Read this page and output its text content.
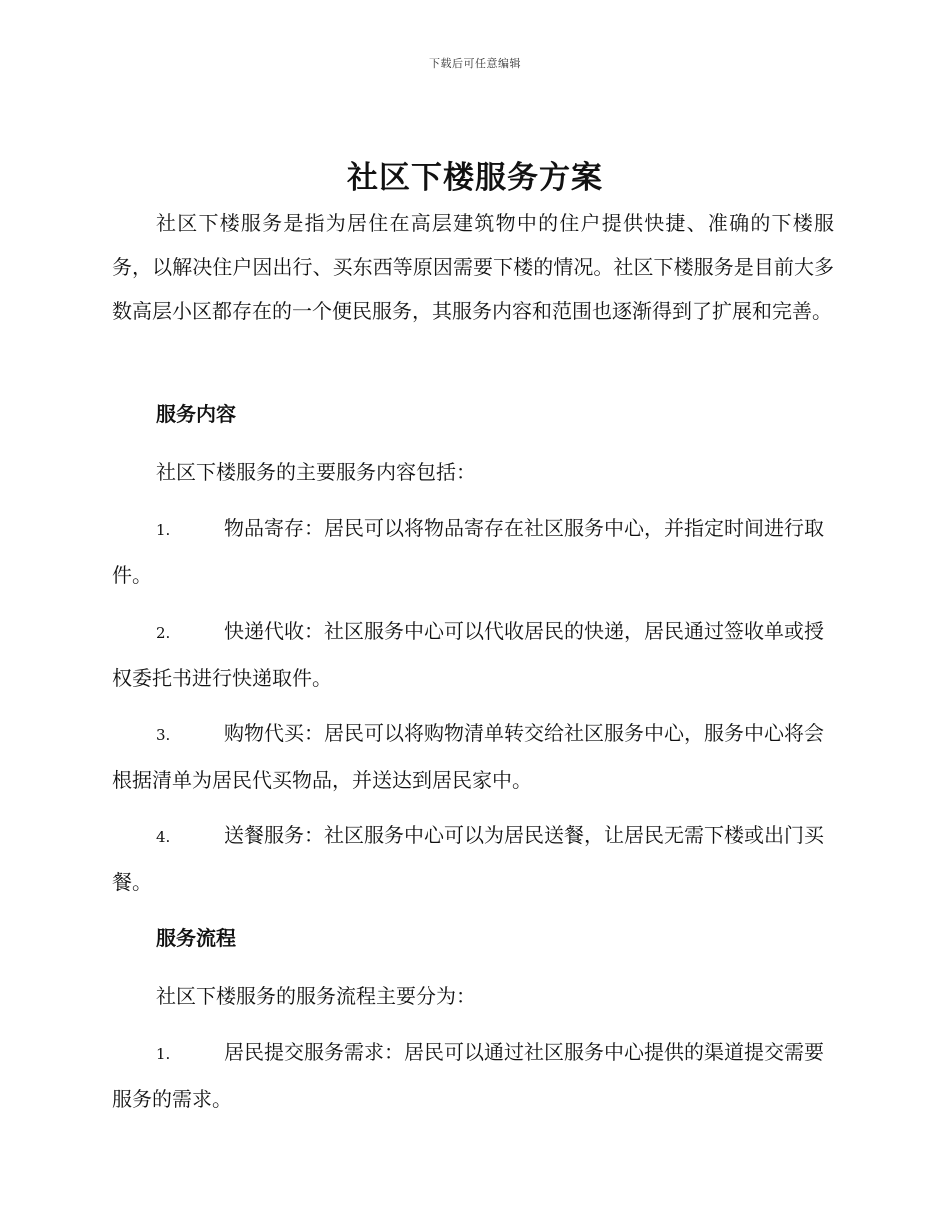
下载后可任意编辑
社区下楼服务方案

社区下楼服务是指为居住在高层建筑物中的住户提供快捷、准确的下楼服务，以解决住户因出行、买东西等原因需要下楼的情况。社区下楼服务是目前大多数高层小区都存在的一个便民服务，其服务内容和范围也逐渐得到了扩展和完善。

服务内容

社区下楼服务的主要服务内容包括：

1.	物品寄存：居民可以将物品寄存在社区服务中心，并指定时间进行取件。

2.	快递代收：社区服务中心可以代收居民的快递，居民通过签收单或授权委托书进行快递取件。

3.	购物代买：居民可以将购物清单转交给社区服务中心，服务中心将会根据清单为居民代买物品，并送达到居民家中。

4.	送餐服务：社区服务中心可以为居民送餐，让居民无需下楼或出门买餐。

服务流程

社区下楼服务的服务流程主要分为：

1.	居民提交服务需求：居民可以通过社区服务中心提供的渠道提交需要服务的需求。
